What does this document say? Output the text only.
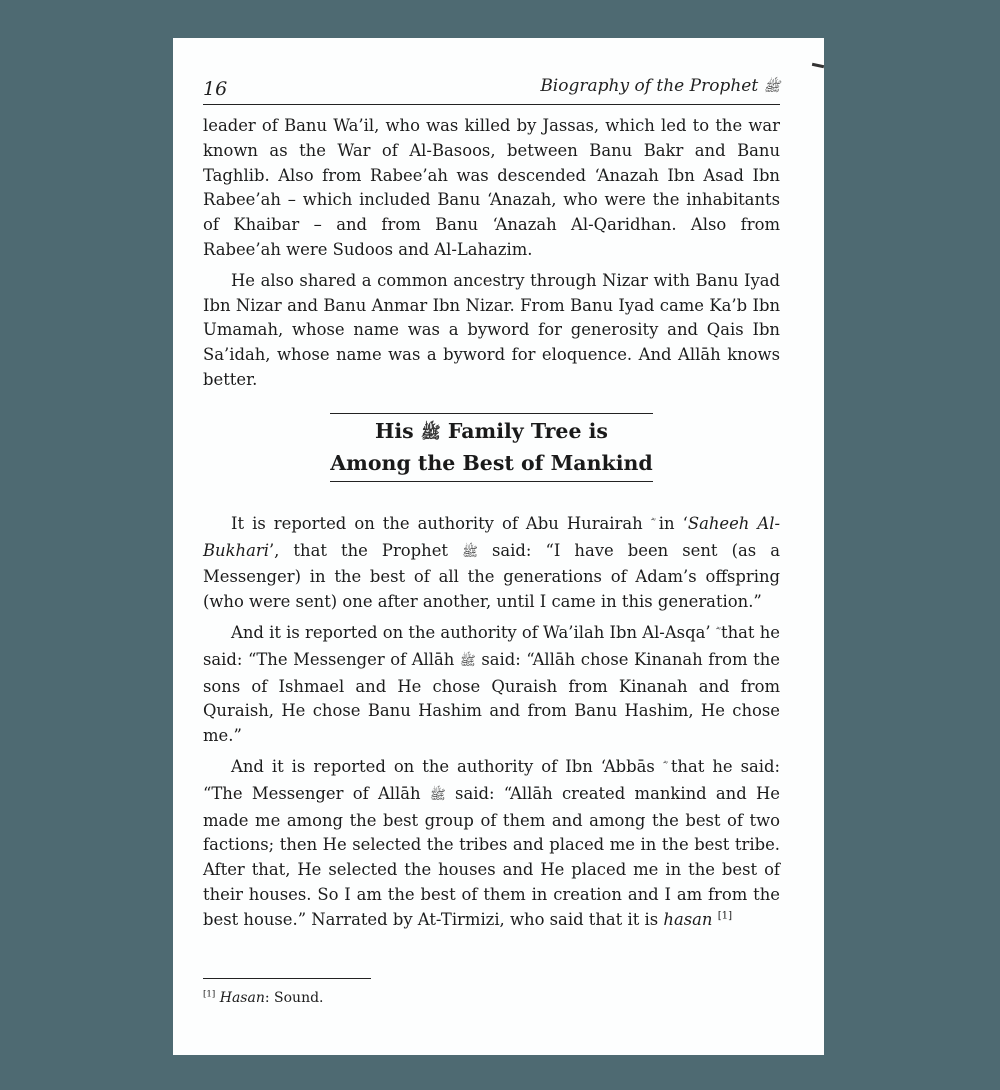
16	Biography of the Prophet ﷺ

leader of Banu Wa’il, who was killed by Jassas, which led to the war known as the War of Al-Basoos, between Banu Bakr and Banu Taghlib. Also from Rabee’ah was descended ‘Anazah Ibn Asad Ibn Rabee’ah – which included Banu ‘Anazah, who were the inhabitants of Khaibar – and from Banu ‘Anazah Al-Qaridhan. Also from Rabee’ah were Sudoos and Al-Lahazim.

He also shared a common ancestry through Nizar with Banu Iyad Ibn Nizar and Banu Anmar Ibn Nizar. From Banu Iyad came Ka’b Ibn Umamah, whose name was a byword for generosity and Qais Ibn Sa’idah, whose name was a byword for eloquence. And Allāh knows better.

His ﷺ Family Tree is
Among the Best of Mankind

It is reported on the authority of Abu Hurairah in ‘Saheeh Al-Bukhari’, that the Prophet ﷺ said: “I have been sent (as a Messenger) in the best of all the generations of Adam’s offspring (who were sent) one after another, until I came in this generation.”

And it is reported on the authority of Wa’ilah Ibn Al-Asqa’ that he said: “The Messenger of Allāh ﷺ said: “Allāh chose Kinanah from the sons of Ishmael and He chose Quraish from Kinanah and from Quraish, He chose Banu Hashim and from Banu Hashim, He chose me.”

And it is reported on the authority of Ibn ‘Abbās that he said: “The Messenger of Allāh ﷺ said: “Allāh created mankind and He made me among the best group of them and among the best of two factions; then He selected the tribes and placed me in the best tribe. After that, He selected the houses and He placed me in the best of their houses. So I am the best of them in creation and I am from the best house.” Narrated by At-Tirmizi, who said that it is hasan [1]

[1] Hasan: Sound.
